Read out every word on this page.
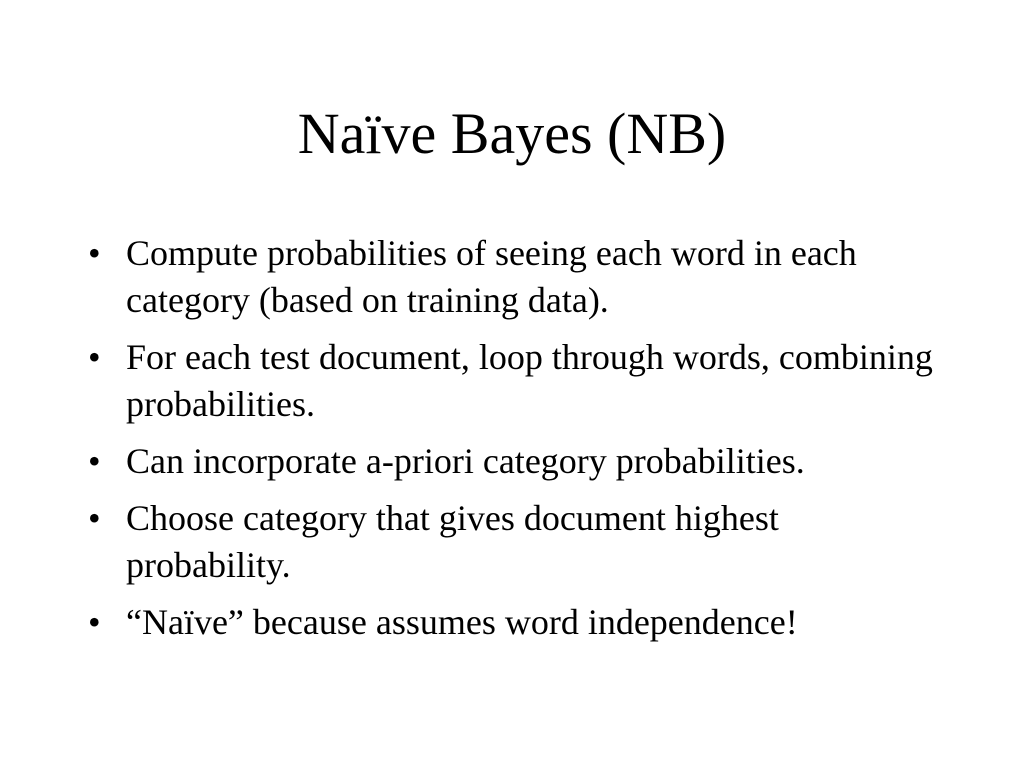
Naïve Bayes (NB)
• Compute probabilities of seeing each word in each category (based on training data).
• For each test document, loop through words, combining probabilities.
• Can incorporate a-priori category probabilities.
• Choose category that gives document highest probability.
• “Naïve” because assumes word independence!
